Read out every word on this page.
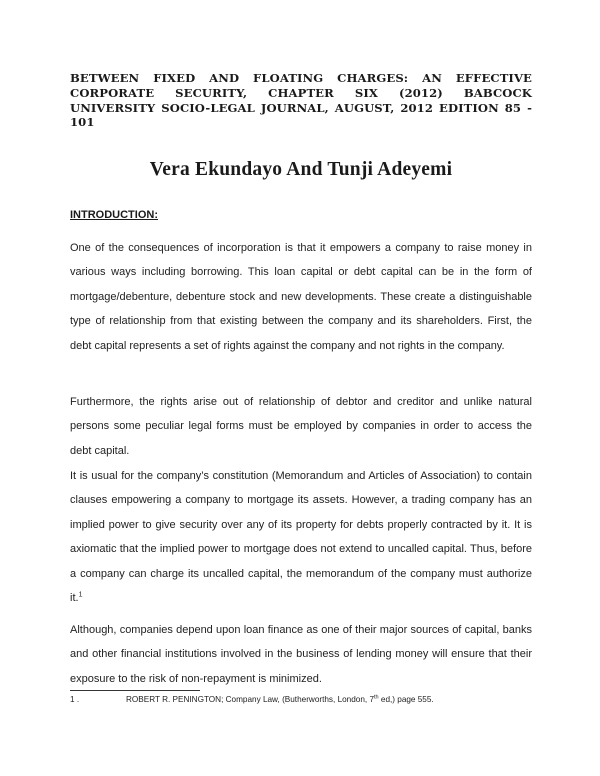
BETWEEN FIXED AND FLOATING CHARGES: AN EFFECTIVE CORPORATE SECURITY, CHAPTER SIX (2012) BABCOCK UNIVERSITY SOCIO-LEGAL JOURNAL, AUGUST, 2012 EDITION 85 - 101

Vera Ekundayo And Tunji Adeyemi

INTRODUCTION:

One of the consequences of incorporation is that it empowers a company to raise money in various ways including borrowing. This loan capital or debt capital can be in the form of mortgage/debenture, debenture stock and new developments. These create a distinguishable type of relationship from that existing between the company and its shareholders. First, the debt capital represents a set of rights against the company and not rights in the company.

Furthermore, the rights arise out of relationship of debtor and creditor and unlike natural persons some peculiar legal forms must be employed by companies in order to access the debt capital.

It is usual for the company’s constitution (Memorandum and Articles of Association) to contain clauses empowering a company to mortgage its assets. However, a trading company has an implied power to give security over any of its property for debts properly contracted by it. It is axiomatic that the implied power to mortgage does not extend to uncalled capital. Thus, before a company can charge its uncalled capital, the memorandum of the company must authorize it.$^1$

Although, companies depend upon loan finance as one of their major sources of capital, banks and other financial institutions involved in the business of lending money will ensure that their exposure to the risk of non-repayment is minimized.

1 .	ROBERT R. PENINGTON; Company Law, (Butherworths, London, 7th ed,) page 555.
